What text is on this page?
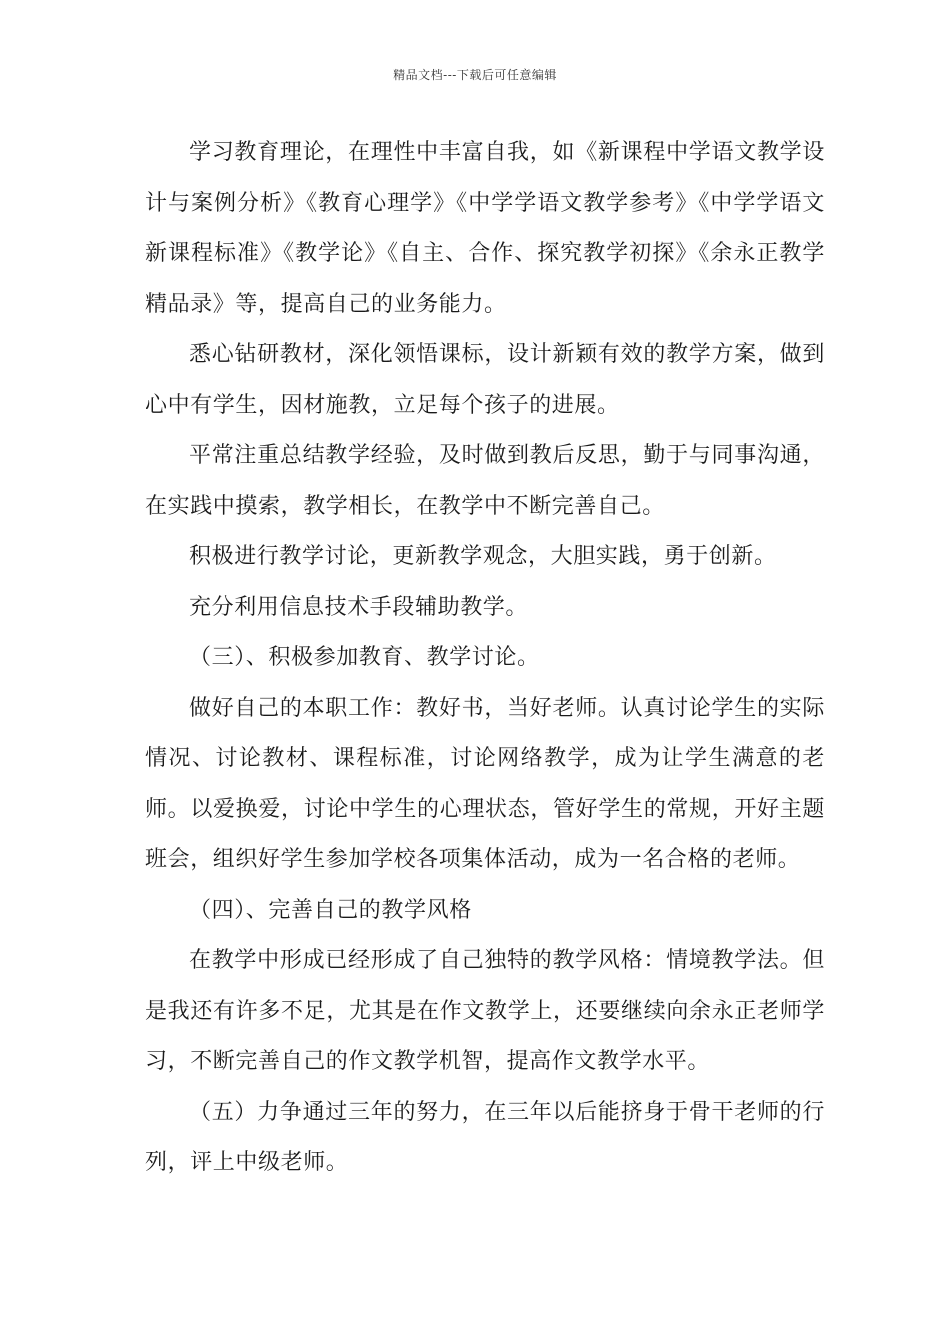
精品文档---下载后可任意编辑

学习教育理论，在理性中丰富自我，如《新课程中学语文教学设计与案例分析》《教育心理学》《中学学语文教学参考》《中学学语文新课程标准》《教学论》《自主、合作、探究教学初探》《余永正教学精品录》等，提高自己的业务能力。

悉心钻研教材，深化领悟课标，设计新颖有效的教学方案，做到心中有学生，因材施教，立足每个孩子的进展。

平常注重总结教学经验，及时做到教后反思，勤于与同事沟通，在实践中摸索，教学相长，在教学中不断完善自己。

积极进行教学讨论，更新教学观念，大胆实践，勇于创新。

充分利用信息技术手段辅助教学。

（三）、积极参加教育、教学讨论。

做好自己的本职工作：教好书，当好老师。认真讨论学生的实际情况、讨论教材、课程标准，讨论网络教学，成为让学生满意的老师。以爱换爱，讨论中学生的心理状态，管好学生的常规，开好主题班会，组织好学生参加学校各项集体活动，成为一名合格的老师。

（四）、完善自己的教学风格

在教学中形成已经形成了自己独特的教学风格：情境教学法。但是我还有许多不足，尤其是在作文教学上，还要继续向余永正老师学习，不断完善自己的作文教学机智，提高作文教学水平。

（五）力争通过三年的努力，在三年以后能挤身于骨干老师的行列，评上中级老师。
